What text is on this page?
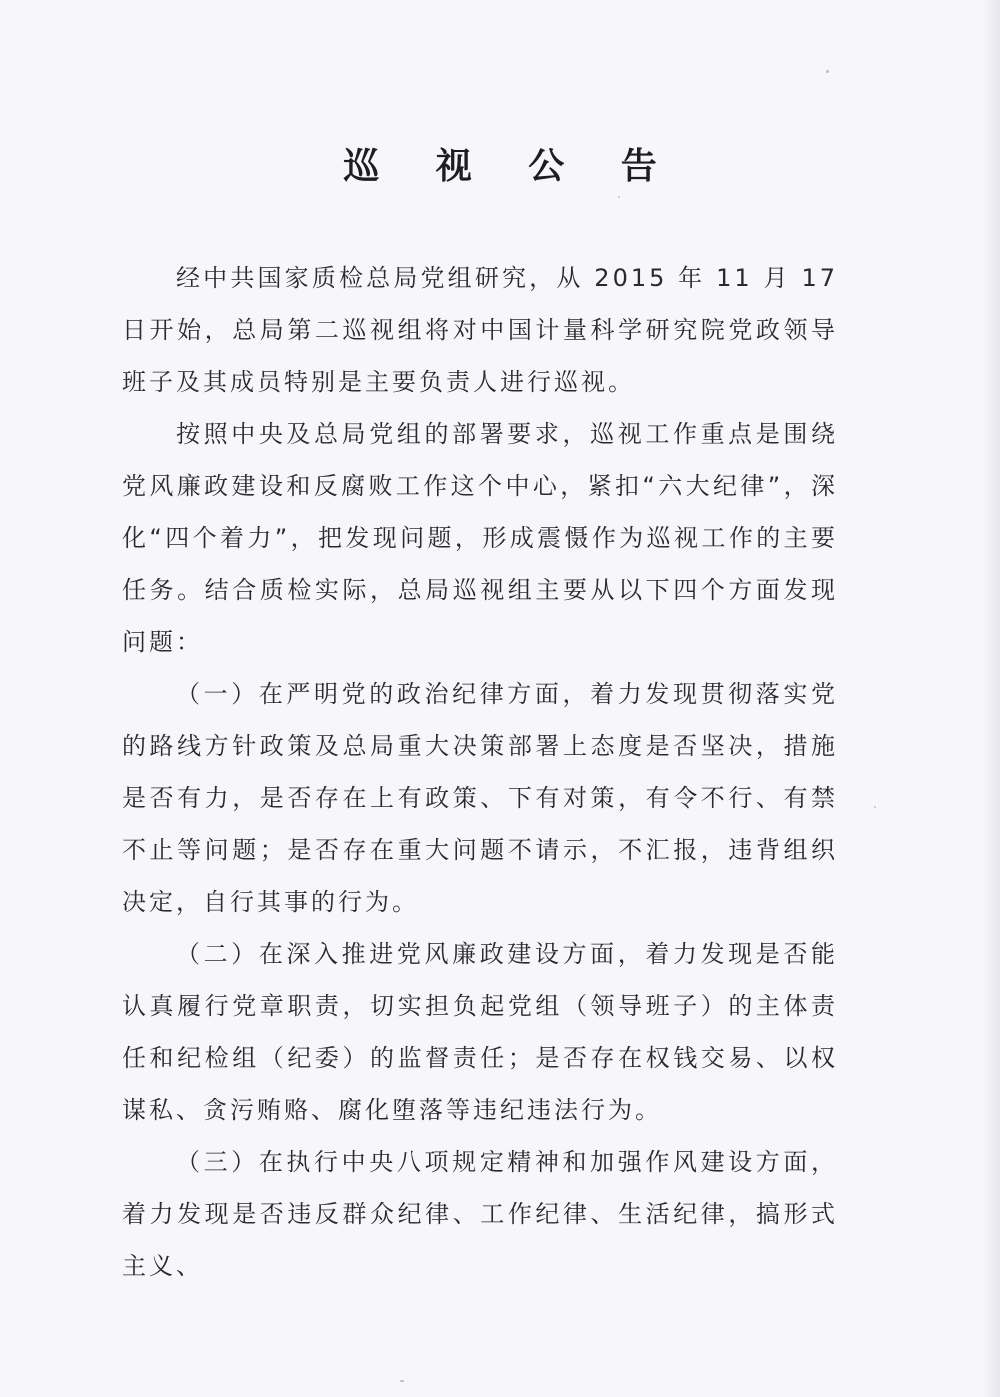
巡 视 公 告

经中共国家质检总局党组研究，从 2015 年 11 月 17 日开始，总局第二巡视组将对中国计量科学研究院党政领导班子及其成员特别是主要负责人进行巡视。

按照中央及总局党组的部署要求，巡视工作重点是围绕党风廉政建设和反腐败工作这个中心，紧扣“六大纪律”，深化“四个着力”，把发现问题，形成震慑作为巡视工作的主要任务。结合质检实际，总局巡视组主要从以下四个方面发现问题：

（一）在严明党的政治纪律方面，着力发现贯彻落实党的路线方针政策及总局重大决策部署上态度是否坚决，措施是否有力，是否存在上有政策、下有对策，有令不行、有禁不止等问题；是否存在重大问题不请示，不汇报，违背组织决定，自行其事的行为。

（二）在深入推进党风廉政建设方面，着力发现是否能认真履行党章职责，切实担负起党组（领导班子）的主体责任和纪检组（纪委）的监督责任；是否存在权钱交易、以权谋私、贪污贿赂、腐化堕落等违纪违法行为。

（三）在执行中央八项规定精神和加强作风建设方面，着力发现是否违反群众纪律、工作纪律、生活纪律，搞形式主义、
